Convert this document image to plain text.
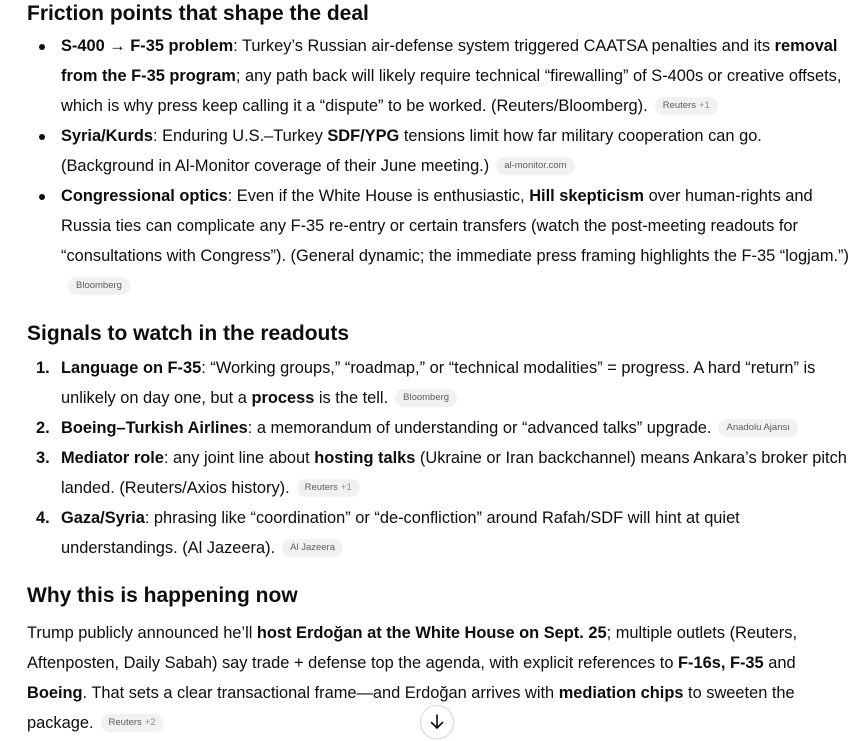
Friction points that shape the deal
S-400 → F-35 problem: Turkey’s Russian air-defense system triggered CAATSA penalties and its removal from the F-35 program; any path back will likely require technical “firewalling” of S-400s or creative offsets, which is why press keep calling it a “dispute” to be worked. (Reuters/Bloomberg). Reuters +1
Syria/Kurds: Enduring U.S.–Turkey SDF/YPG tensions limit how far military cooperation can go. (Background in Al-Monitor coverage of their June meeting.) al-monitor.com
Congressional optics: Even if the White House is enthusiastic, Hill skepticism over human-rights and Russia ties can complicate any F-35 re-entry or certain transfers (watch the post-meeting readouts for “consultations with Congress”). (General dynamic; the immediate press framing highlights the F-35 “logjam.”)Bloomberg
Signals to watch in the readouts
1. Language on F-35: “Working groups,” “roadmap,” or “technical modalities” = progress. A hard “return” is unlikely on day one, but a process is the tell. Bloomberg
2. Boeing–Turkish Airlines: a memorandum of understanding or “advanced talks” upgrade. Anadolu Ajansı
3. Mediator role: any joint line about hosting talks (Ukraine or Iran backchannel) means Ankara’s broker pitch landed. (Reuters/Axios history). Reuters +1
4. Gaza/Syria: phrasing like “coordination” or “de-confliction” around Rafah/SDF will hint at quiet understandings. (Al Jazeera). Al Jazeera
Why this is happening now

Trump publicly announced he’ll host Erdoğan at the White House on Sept. 25; multiple outlets (Reuters, Aftenposten, Daily Sabah) say trade + defense top the agenda, with explicit references to F-16s, F-35 and Boeing. That sets a clear transactional frame—and Erdoğan arrives with mediation chips to sweeten the package. Reuters +2
